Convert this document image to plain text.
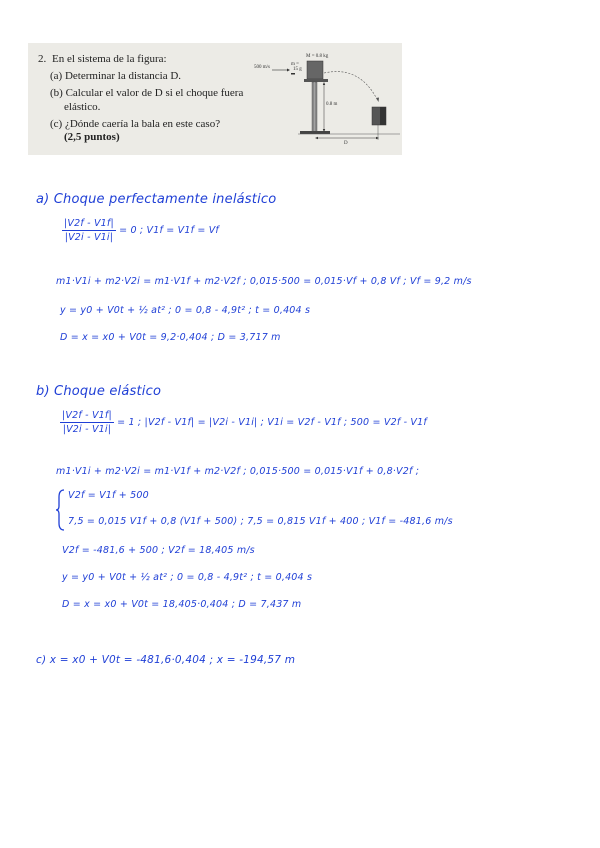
2. En el sistema de la figura:
(a) Determinar la distancia D.
(b) Calcular el valor de D si el choque fuera elástico.
(c) ¿Dónde caería la bala en este caso?
(2,5 puntos)
M = 0.8 kg
m =
15 g
500 m/s
0.8 m
D
a) Choque perfectamente inelástico
$\frac{|V2f - V1f|}{|V2i - V1i|} = 0$ ; V1f = V1f = Vf
m1·V1i + m2·V2i = m1·V1f + m2·V2f ; 0,015·500 = 0,015·Vf + 0,8 Vf ; Vf = 9,2 m/s
y = y0 + V0t + ½ at² ; 0 = 0,8 - 4,9t² ; t = 0,404 s
D = x = x0 + V0t = 9,2·0,404 ; D = 3,717 m
b) Choque elástico
$\frac{|V2f - V1f|}{|V2i - V1i|} = 1$ ; |V2f - V1f| = |V2i - V1i| ; V1i = V2f - V1f ; 500 = V2f - V1f
m1·V1i + m2·V2i = m1·V1f + m2·V2f ; 0,015·500 = 0,015·V1f + 0,8·V2f ;
V2f = V1f + 500
7,5 = 0,015 V1f + 0,8 (V1f + 500) ; 7,5 = 0,815 V1f + 400 ; V1f = -481,6 m/s
V2f = -481,6 + 500 ; V2f = 18,405 m/s
y = y0 + V0t + ½ at² ; 0 = 0,8 - 4,9t² ; t = 0,404 s
D = x = x0 + V0t = 18,405·0,404 ; D = 7,437 m
c) x = x0 + V0t = -481,6·0,404 ; x = -194,57 m
